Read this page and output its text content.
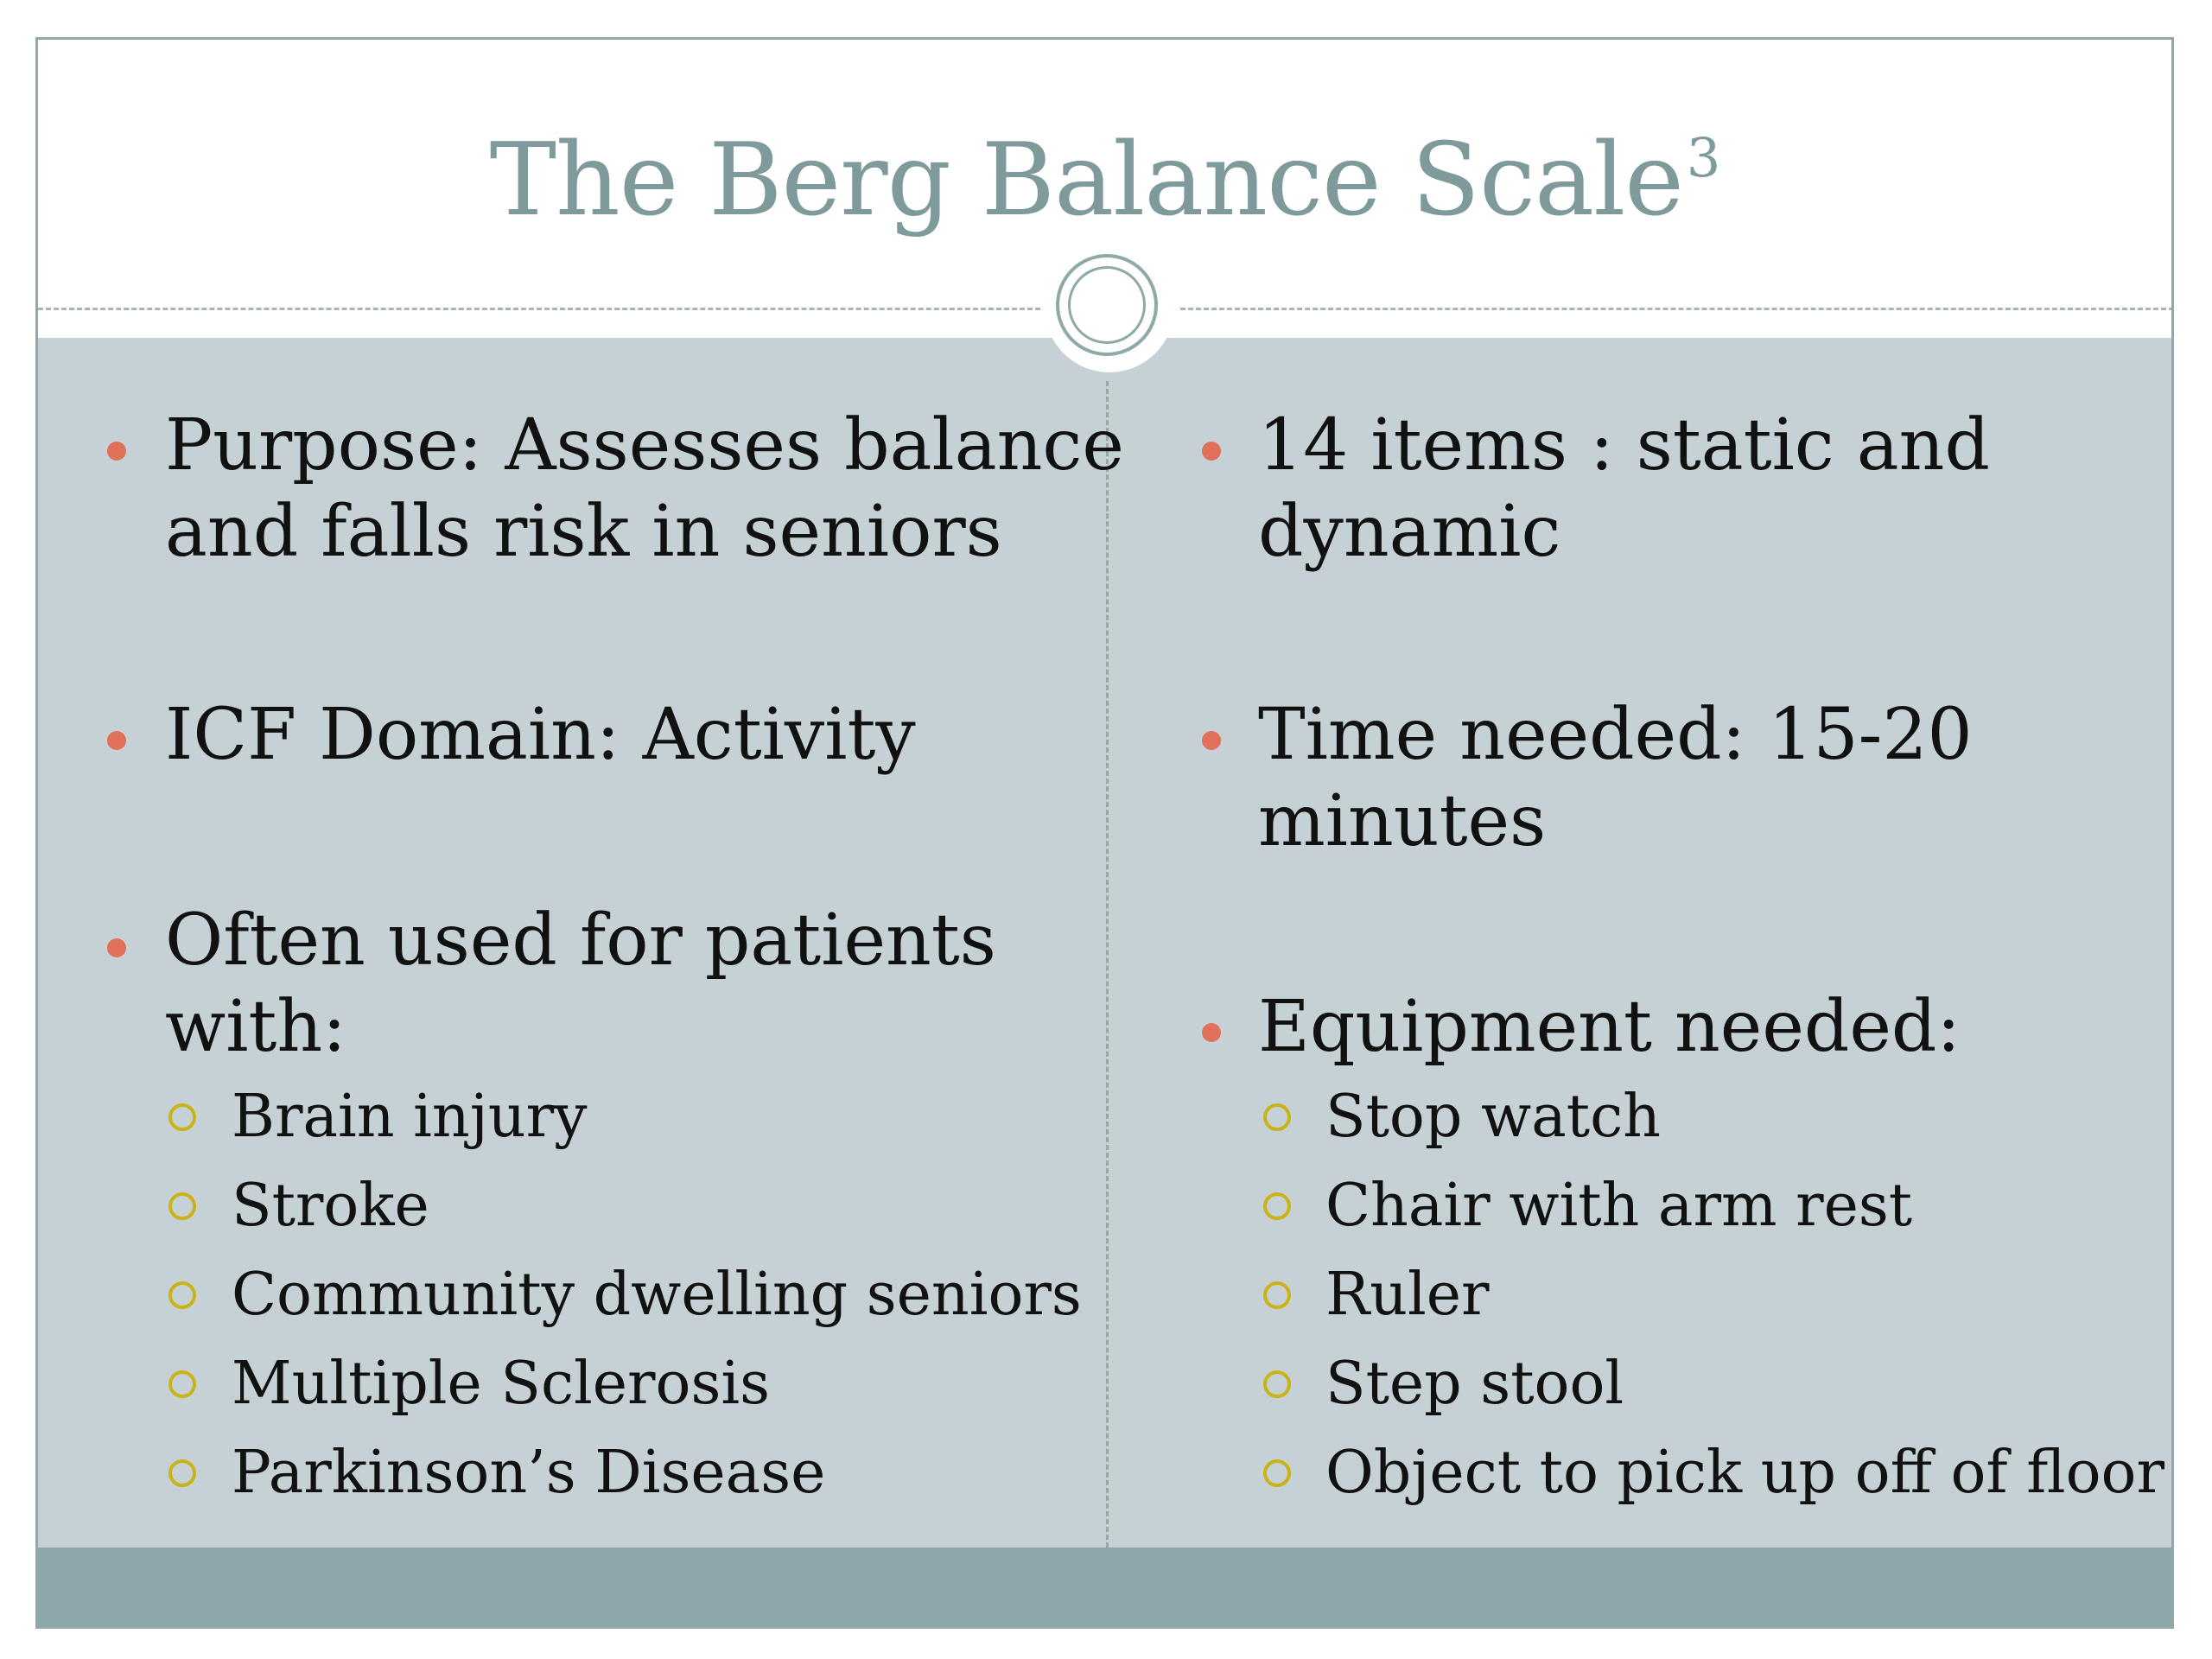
The Berg Balance Scale$^3$
Purpose: Assesses balance
and falls risk in seniors
ICF Domain: Activity
Often used for patients
with:
Brain injury
Stroke
Community dwelling seniors
Multiple Sclerosis
Parkinson’s Disease
14 items : static and
dynamic
Time needed: 15-20
minutes
Equipment needed:
Stop watch
Chair with arm rest
Ruler
Step stool
Object to pick up off of floor
